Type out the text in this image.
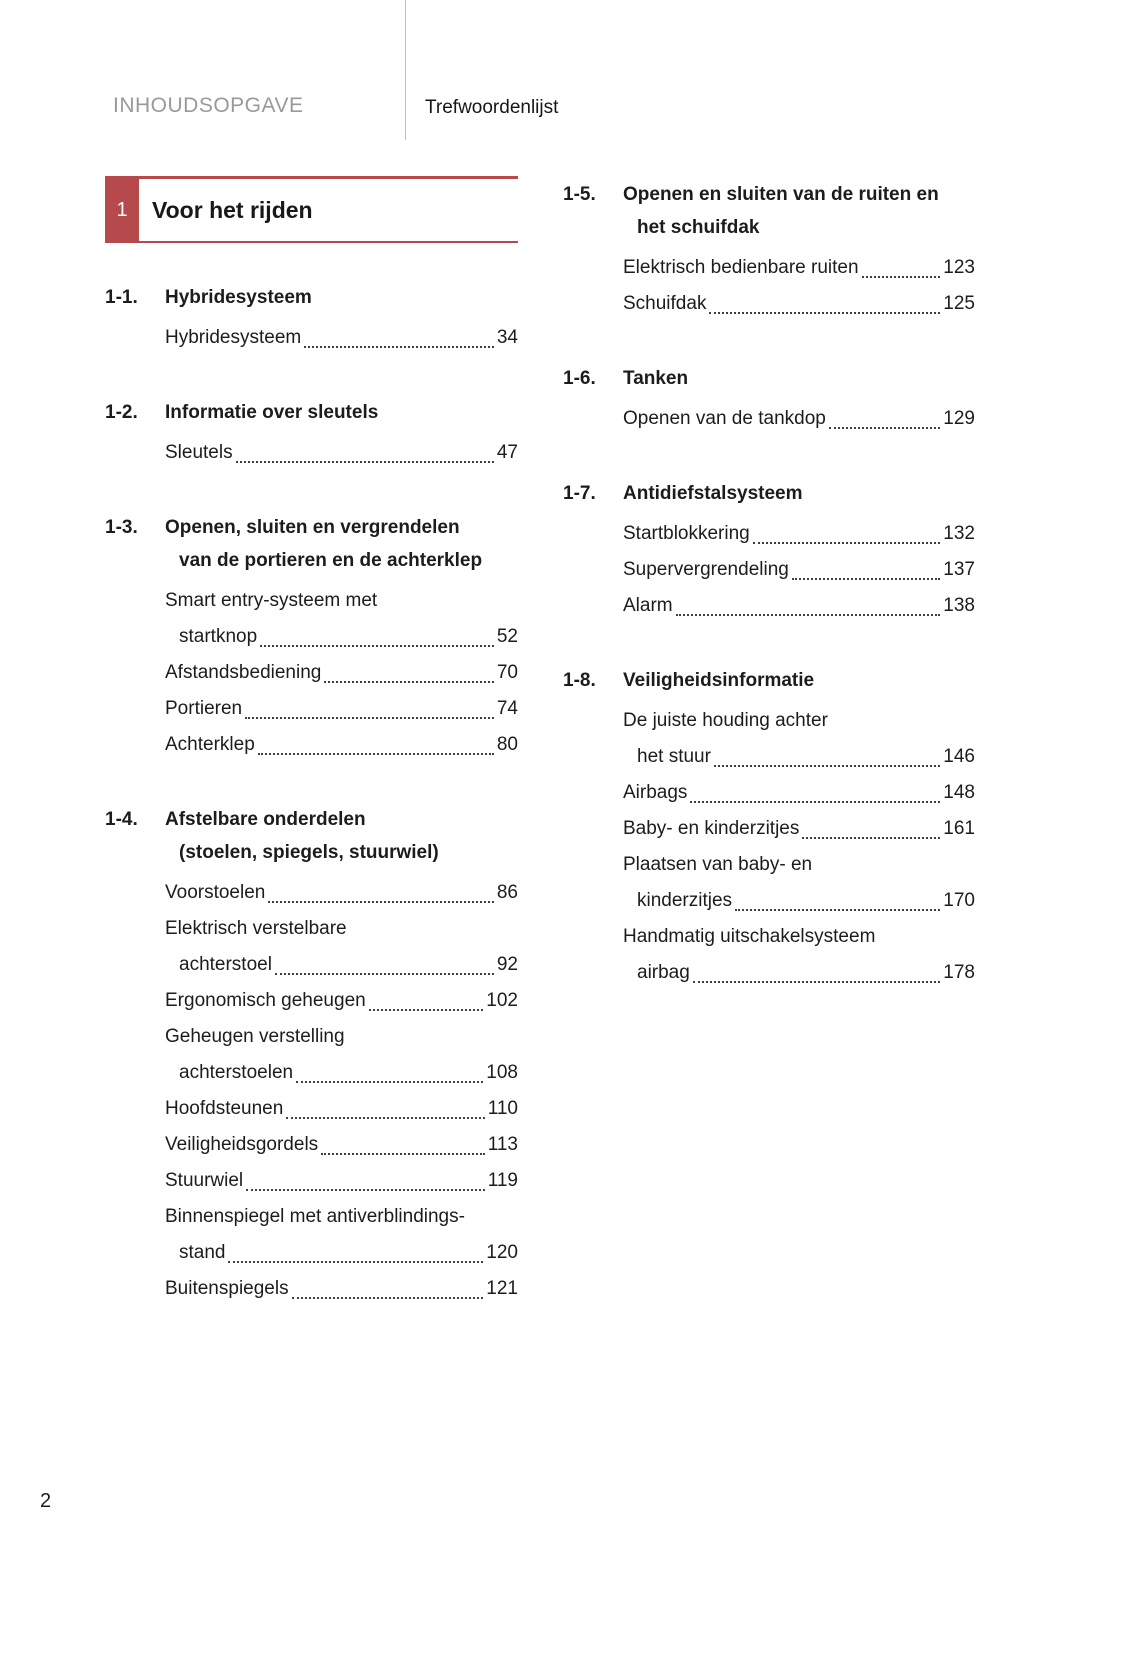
INHOUDSOPGAVE	Trefwoordenlijst
1	Voor het rijden
1-1.	Hybridesysteem
Hybridesysteem	34
1-2.	Informatie over sleutels
Sleutels	47
1-3.	Openen, sluiten en vergrendelen
van de portieren en de achterklep
Smart entry-systeem met
startknop	52
Afstandsbediening	70
Portieren	74
Achterklep	80
1-4.	Afstelbare onderdelen
(stoelen, spiegels, stuurwiel)
Voorstoelen	86
Elektrisch verstelbare
achterstoel	92
Ergonomisch geheugen	102
Geheugen verstelling
achterstoelen	108
Hoofdsteunen	110
Veiligheidsgordels	113
Stuurwiel	119
Binnenspiegel met antiverblindings-
stand	120
Buitenspiegels	121
1-5.	Openen en sluiten van de ruiten en
het schuifdak
Elektrisch bedienbare ruiten	123
Schuifdak	125
1-6.	Tanken
Openen van de tankdop	129
1-7.	Antidiefstalsysteem
Startblokkering	132
Supervergrendeling	137
Alarm	138
1-8.	Veiligheidsinformatie
De juiste houding achter
het stuur	146
Airbags	148
Baby- en kinderzitjes	161
Plaatsen van baby- en
kinderzitjes	170
Handmatig uitschakelsysteem
airbag	178
2
